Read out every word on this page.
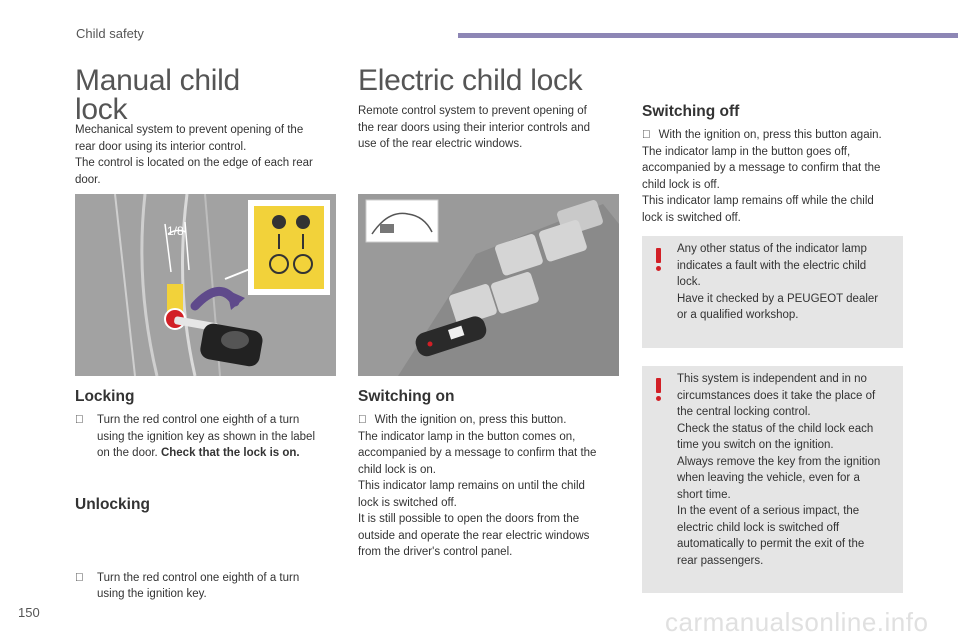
Child safety
Manual child
lock
Mechanical system to prevent opening of the
rear door using its interior control.
The control is located on the edge of each rear
door.
1/8
Locking
Turn the red control one eighth of a turn
using the ignition key as shown in the label
on the door. Check that the lock is on.
Unlocking
Turn the red control one eighth of a turn
using the ignition key.
Electric child lock
Remote control system to prevent opening of
the rear doors using their interior controls and
use of the rear electric windows.
Switching on
With the ignition on, press this button.
The indicator lamp in the button comes on,
accompanied by a message to confirm that the
child lock is on.
This indicator lamp remains on until the child
lock is switched off.
It is still possible to open the doors from the
outside and operate the rear electric windows
from the driver's control panel.
Switching off
With the ignition on, press this button again.
The indicator lamp in the button goes off,
accompanied by a message to confirm that the
child lock is off.
This indicator lamp remains off while the child
lock is switched off.
Any other status of the indicator lamp
indicates a fault with the electric child
lock.
Have it checked by a PEUGEOT dealer
or a qualified workshop.
This system is independent and in no
circumstances does it take the place of
the central locking control.
Check the status of the child lock each
time you switch on the ignition.
Always remove the key from the ignition
when leaving the vehicle, even for a
short time.
In the event of a serious impact, the
electric child lock is switched off
automatically to permit the exit of the
rear passengers.
150	carmanualsonline.info
